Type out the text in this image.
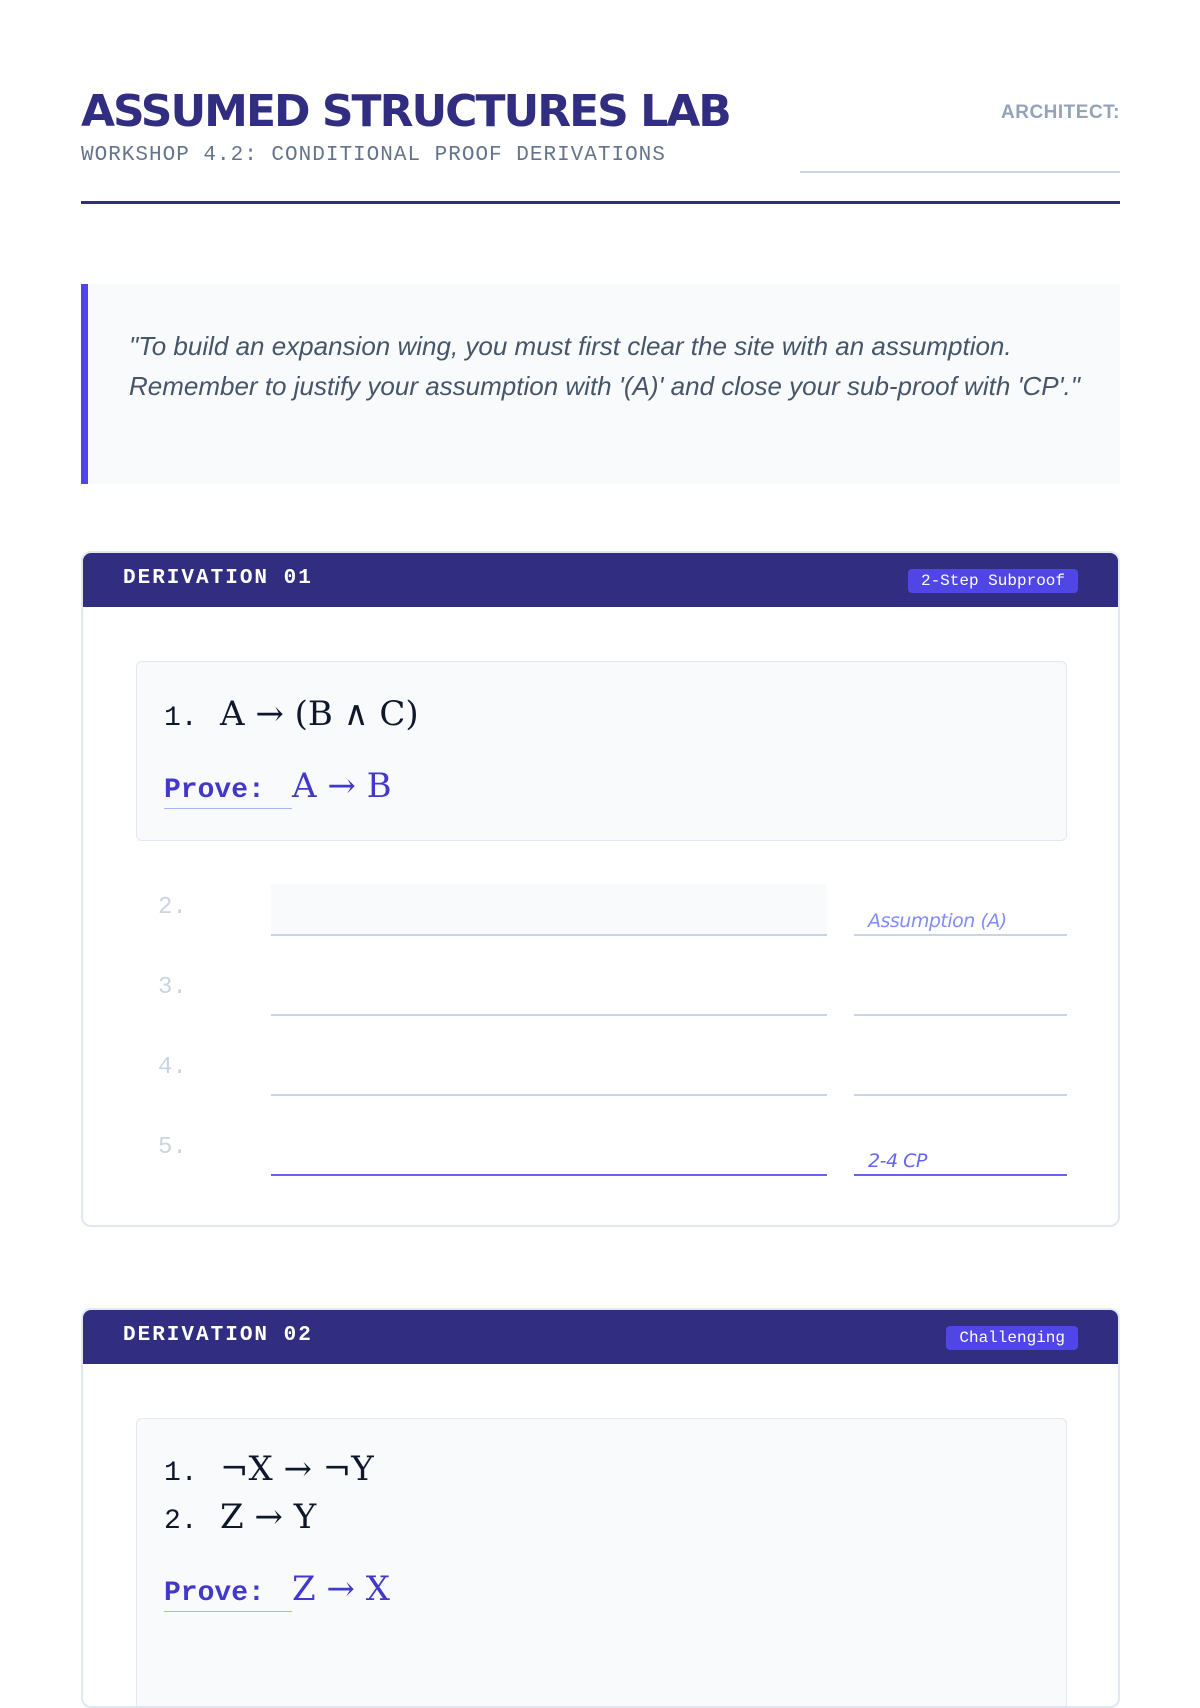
ASSUMED STRUCTURES LAB
WORKSHOP 4.2: CONDITIONAL PROOF DERIVATIONS
ARCHITECT:

"To build an expansion wing, you must first clear the site with an assumption. Remember to justify your assumption with '(A)' and close your sub-proof with 'CP'."

DERIVATION 01	2-Step Subproof
1. A → (B ∧ C)
Prove: A → B
2.	Assumption (A)
3.
4.
5.	2-4 CP
DERIVATION 02	Challenging
1. ¬X → ¬Y
2. Z → Y
Prove: Z → X
